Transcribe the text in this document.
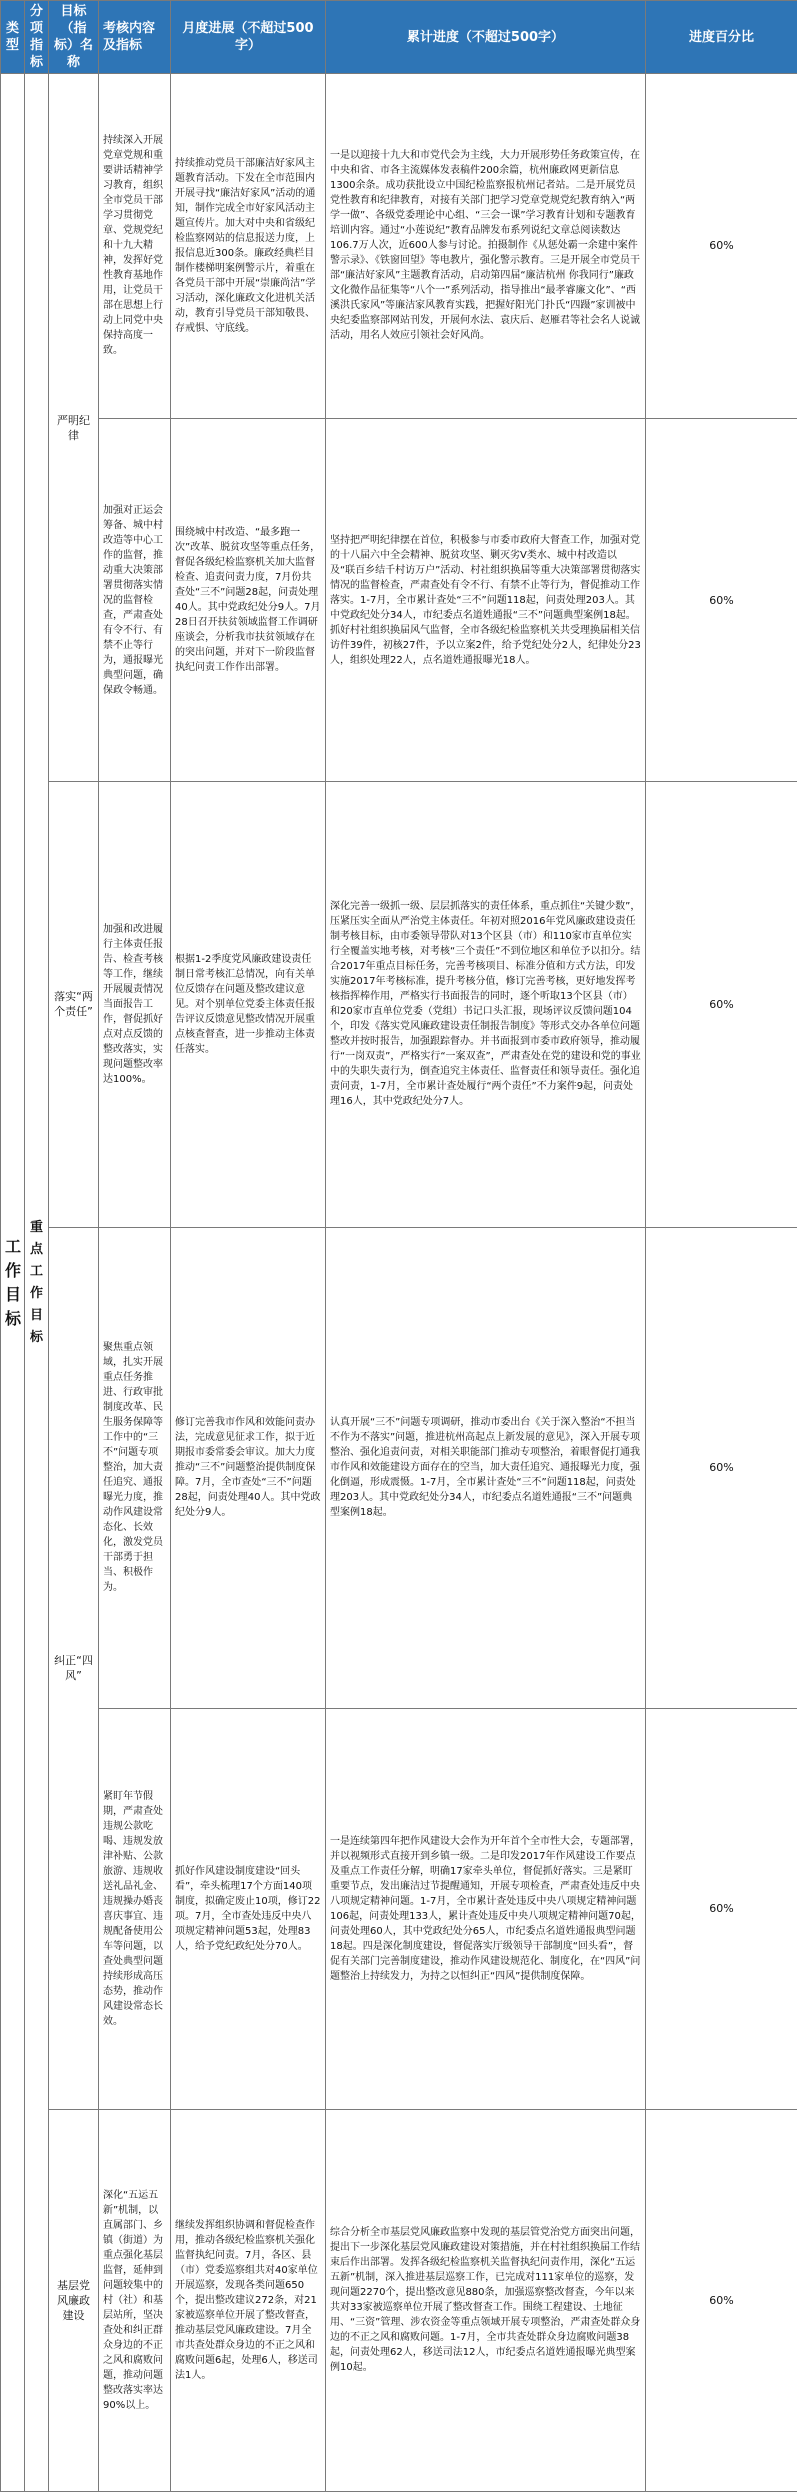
类型	分项指标	目标（指标）名称	考核内容及指标	月度进展（不超过500字）	累计进度（不超过500字）	进度百分比
工作目标	重点工作目标	严明纪律	持续深入开展党章党规和重要讲话精神学习教育，组织全市党员干部学习贯彻党章、党规党纪和十九大精神，发挥好党性教育基地作用，让党员干部在思想上行动上同党中央保持高度一致。	持续推动党员干部廉洁好家风主题教育活动。下发在全市范围内开展寻找“廉洁好家风”活动的通知，制作完成全市好家风活动主题宣传片。加大对中央和省级纪检监察网站的信息报送力度，上报信息近300条。廉政经典栏目制作楼梯明案例警示片，着重在各党员干部中开展“崇廉尚洁”学习活动，深化廉政文化进机关活动，教育引导党员干部知敬畏、存戒惧、守底线。	一是以迎接十九大和市党代会为主线，大力开展形势任务政策宣传，在中央和省、市各主流媒体发表稿件200余篇，杭州廉政网更新信息1300余条。成功获批设立中国纪检监察报杭州记者站。二是开展党员党性教育和纪律教育，对接有关部门把学习党章党规党纪教育纳入“两学一做”、各级党委理论中心组、“三会一课”学习教育计划和专题教育培训内容。通过“小莲说纪”教育品牌发布系列说纪文章总阅读数达106.7万人次，近600人参与讨论。拍摄制作《从惩处霸一余建中案件警示录》、《铁窗回望》等电教片，强化警示教育。三是开展全市党员干部“廉洁好家风”主题教育活动，启动第四届“廉洁杭州 你我同行”廉政文化微作品征集等“八个一”系列活动，指导推出“最孝睿廉文化”、“西溪洪氏家风”等廉洁家风教育实践，把握好阳光门扑氏“四蹑”家训被中央纪委监察部网站刊发，开展何水法、袁庆后、赵雁君等社会名人说诚活动，用名人效应引领社会好风尚。	60%
			加强对正运会筹备、城中村改造等中心工作的监督，推动重大决策部署贯彻落实情况的监督检查，严肃查处有令不行、有禁不止等行为，通报曝光典型问题，确保政令畅通。	围绕城中村改造、“最多跑一次”改革、脱贫攻坚等重点任务，督促各级纪检监察机关加大监督检查、追责问责力度，7月份共查处“三不”问题28起，问责处理40人。其中党政纪处分9人。7月28日召开扶贫领域监督工作调研座谈会，分析我市扶贫领域存在的突出问题，并对下一阶段监督执纪问责工作作出部署。	坚持把严明纪律摆在首位，积极参与市委市政府大督查工作，加强对党的十八届六中全会精神、脱贫攻坚、剿灭劣V类水、城中村改造以及“联百乡结千村访万户”活动、村社组织换届等重大决策部署贯彻落实情况的监督检查，严肃查处有令不行、有禁不止等行为，督促推动工作落实。1-7月，全市累计查处“三不”问题118起，问责处理203人。其中党政纪处分34人，市纪委点名道姓通报“三不”问题典型案例18起。抓好村社组织换届风气监督，全市各级纪检监察机关共受理换届相关信访件39件，初核27件，予以立案2件，给予党纪处分2人，纪律处分23人，组织处理22人，点名道姓通报曝光18人。	60%
		落实“两个责任”	加强和改进履行主体责任报告、检查考核等工作，继续开展履责情况当面报告工作，督促抓好点对点反馈的整改落实，实现问题整改率达100%。	根据1-2季度党风廉政建设责任制日常考核汇总情况，向有关单位反馈存在问题及整改建议意见。对个别单位党委主体责任报告评议反馈意见整改情况开展重点核查督查，进一步推动主体责任落实。	深化完善一级抓一级、层层抓落实的责任体系，重点抓住“关键少数”，压紧压实全面从严治党主体责任。年初对照2016年党风廉政建设责任制考核目标，由市委领导带队对13个区县（市）和110家市直单位实行全覆盖实地考核，对考核“三个责任”不到位地区和单位予以扣分。结合2017年重点目标任务，完善考核项目、标准分值和方式方法，印发实施2017年考核标准，提升考核分值，修订完善考核，更好地发挥考核指挥棒作用，严格实行书面报告的同时，逐个听取13个区县（市）和20家市直单位党委（党组）书记口头汇报，现场评议反馈问题104个，印发《落实党风廉政建设责任制报告制度》等形式交办各单位问题整改并按时报告，加强跟踪督办。并书面报到市委市政府领导，推动履行“一岗双责”，严格实行“一案双查”，严肃查处在党的建设和党的事业中的失职失责行为，倒查追究主体责任、监督责任和领导责任。强化追责问责，1-7月，全市累计查处履行“两个责任”不力案件9起，问责处理16人，其中党政纪处分7人。	60%
		纠正“四风”	聚焦重点领域，扎实开展重点任务推进、行政审批制度改革、民生服务保障等工作中的“三不”问题专项整治，加大责任追究、通报曝光力度，推动作风建设常态化、长效化，激发党员干部勇于担当、积极作为。	修订完善我市作风和效能问责办法，完成意见征求工作，拟于近期报市委常委会审议。加大力度推动“三不”问题整治提供制度保障。7月，全市查处“三不”问题28起，问责处理40人。其中党政纪处分9人。	认真开展“三不”问题专项调研，推动市委出台《关于深入整治“不担当不作为不落实”问题，推进杭州高起点上新发展的意见》，深入开展专项整治、强化追责问责，对相关职能部门推动专项整治，着眼督促打通我市作风和效能建设方面存在的空当，加大责任追究、通报曝光力度，强化倒逼，形成震慑。1-7月，全市累计查处“三不”问题118起，问责处理203人。其中党政纪处分34人，市纪委点名道姓通报“三不”问题典型案例18起。	60%
			紧盯年节假期，严肃查处违规公款吃喝、违规发放津补贴、公款旅游、违规收送礼品礼金、违规操办婚丧喜庆事宜、违规配备使用公车等问题，以查处典型问题持续形成高压态势，推动作风建设常态长效。	抓好作风建设制度建设“回头看”，牵头梳理17个方面140项制度，拟确定废止10项，修订22项。7月，全市查处违反中央八项规定精神问题53起，处理83人，给予党纪政纪处分70人。	一是连续第四年把作风建设大会作为开年首个全市性大会，专题部署，并以视频形式直接开到乡镇一级。二是印发2017年作风建设工作要点及重点工作责任分解，明确17家牵头单位，督促抓好落实。三是紧盯重要节点，发出廉洁过节提醒通知，开展专项检查，严肃查处违反中央八项规定精神问题。1-7月，全市累计查处违反中央八项规定精神问题106起，问责处理133人，累计查处违反中央八项规定精神问题70起，问责处理60人，其中党政纪处分65人，市纪委点名道姓通报典型问题18起。四是深化制度建设，督促落实厅级领导干部制度“回头看”，督促有关部门完善制度建设，推动作风建设规范化、制度化，在“四风”问题整治上持续发力，为持之以恒纠正“四风”提供制度保障。	60%
		基层党风廉政建设	深化“五运五新”机制，以直属部门、乡镇（街道）为重点强化基层监督，延伸到问题较集中的村（社）和基层站所，坚决查处和纠正群众身边的不正之风和腐败问题，推动问题整改落实率达90%以上。	继续发挥组织协调和督促检查作用，推动各级纪检监察机关强化监督执纪问责。7月，各区、县（市）党委巡察组共对40家单位开展巡察，发现各类问题650个，提出整改建议272条，对21家被巡察单位开展了整改督查，推动基层党风廉政建设。7月全市共查处群众身边的不正之风和腐败问题6起，处理6人，移送司法1人。	综合分析全市基层党风廉政监察中发现的基层管党治党方面突出问题，提出下一步深化基层党风廉政建设对策措施，并在村社组织换届工作结束后作出部署。发挥各级纪检监察机关监督执纪问责作用，深化“五运五新”机制，深入推进基层巡察工作，已完成对111家单位的巡察，发现问题2270个，提出整改意见880条，加强巡察整改督查，今年以来共对33家被巡察单位开展了整改督查工作。围绕工程建设、土地征用、“三资”管理、涉农资金等重点领域开展专项整治，严肃查处群众身边的不正之风和腐败问题。1-7月，全市共查处群众身边腐败问题38起，问责处理62人，移送司法12人，市纪委点名道姓通报曝光典型案例10起。	60%
